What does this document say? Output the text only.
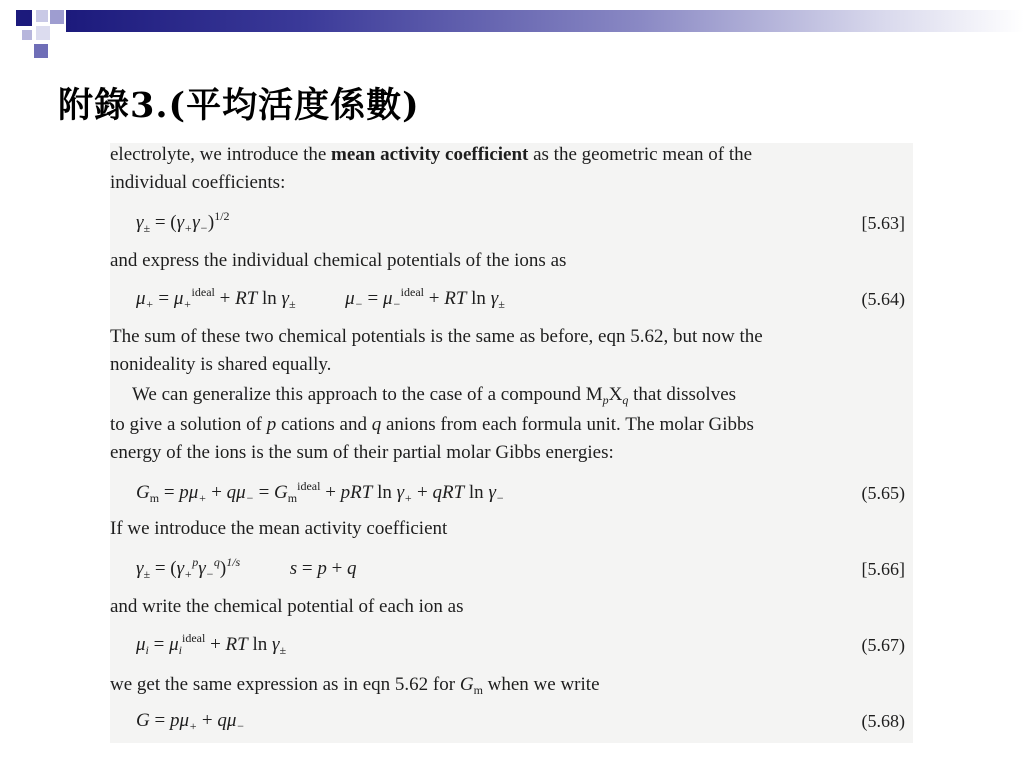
附錄3.(平均活度係數)
electrolyte, we introduce the mean activity coefficient as the geometric mean of the
individual coefficients:
$\gamma_\pm = (\gamma_+\gamma_-)^{1/2}$	[5.63]
and express the individual chemical potentials of the ions as
$\mu_+ = \mu_+^{ideal}$ + RT $\ln \gamma_\pm$  $\mu_- = \mu_-^{ideal}$ + RT $\ln \gamma_\pm$	(5.64)
The sum of these two chemical potentials is the same as before, eqn 5.62, but now the
nonideality is shared equally.
We can generalize this approach to the case of a compound $M_pX_q$ that dissolves
to give a solution of p cations and q anions from each formula unit. The molar Gibbs
energy of the ions is the sum of their partial molar Gibbs energies:
$G_m = p\mu_+ + q\mu_- = G_m^{ideal}$ + pRT $\ln \gamma_+$ + qRT $\ln \gamma_-$	(5.65)
If we introduce the mean activity coefficient
$\gamma_\pm = (\gamma_+^p\gamma_-^q)^{1/s}$  s = p + q	[5.66]
and write the chemical potential of each ion as
$\mu_i = \mu_i^{ideal}$ + RT $\ln \gamma_\pm$	(5.67)
we get the same expression as in eqn 5.62 for $G_m$ when we write
$G = p\mu_+ + q\mu_-$	(5.68)
